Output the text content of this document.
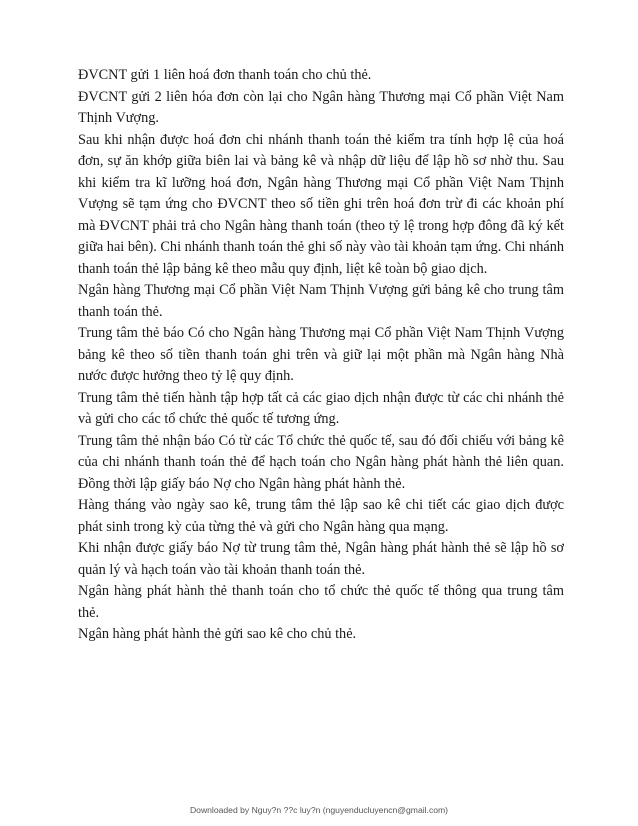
ĐVCNT gửi 1 liên hoá đơn thanh toán cho chủ thẻ.

ĐVCNT gửi 2 liên hóa đơn còn lại cho Ngân hàng Thương mại Cổ phần Việt Nam Thịnh Vượng.

Sau khi nhận được hoá đơn chi nhánh thanh toán thẻ kiểm tra tính hợp lệ của hoá đơn, sự ăn khớp giữa biên lai và bảng kê và nhập dữ liệu để lập hồ sơ nhờ thu. Sau khi kiểm tra kĩ lưỡng hoá đơn, Ngân hàng Thương mại Cổ phần Việt Nam Thịnh Vượng sẽ tạm ứng cho ĐVCNT theo số tiền ghi trên hoá đơn trừ đi các khoản phí mà ĐVCNT phải trả cho Ngân hàng thanh toán (theo tỷ lệ trong hợp đông đã ký kết giữa hai bên). Chi nhánh thanh toán thẻ ghi số này vào tài khoản tạm ứng. Chi nhánh thanh toán thẻ lập bảng kê theo mẫu quy định, liệt kê toàn bộ giao dịch.

Ngân hàng Thương mại Cổ phần Việt Nam Thịnh Vượng gửi bảng kê cho trung tâm thanh toán thẻ.

Trung tâm thẻ báo Có cho Ngân hàng Thương mại Cổ phần Việt Nam Thịnh Vượng bảng kê theo số tiền thanh toán ghi trên và giữ lại một phần mà Ngân hàng Nhà nước được hưởng theo tỷ lệ quy định.

Trung tâm thẻ tiến hành tập hợp tất cả các giao dịch nhận được từ các chi nhánh thẻ và gửi cho các tổ chức thẻ quốc tế tương ứng.

Trung tâm thẻ nhận báo Có từ các Tổ chức thẻ quốc tế, sau đó đối chiếu với bảng kê của chi nhánh thanh toán thẻ để hạch toán cho Ngân hàng phát hành thẻ liên quan. Đồng thời lập giấy báo Nợ cho Ngân hàng phát hành thẻ.

Hàng tháng vào ngày sao kê, trung tâm thẻ lập sao kê chi tiết các giao dịch được phát sinh trong kỳ của từng thẻ và gửi cho Ngân hàng qua mạng.

Khi nhận được giấy báo Nợ từ trung tâm thẻ, Ngân hàng phát hành thẻ sẽ lập hồ sơ quản lý và hạch toán vào tài khoản thanh toán thẻ.

Ngân hàng phát hành thẻ thanh toán cho tổ chức thẻ quốc tế thông qua trung tâm thẻ.

Ngân hàng phát hành thẻ gửi sao kê cho chủ thẻ.

Downloaded by Nguy?n ??c luy?n (nguyenducluyencn@gmail.com)
